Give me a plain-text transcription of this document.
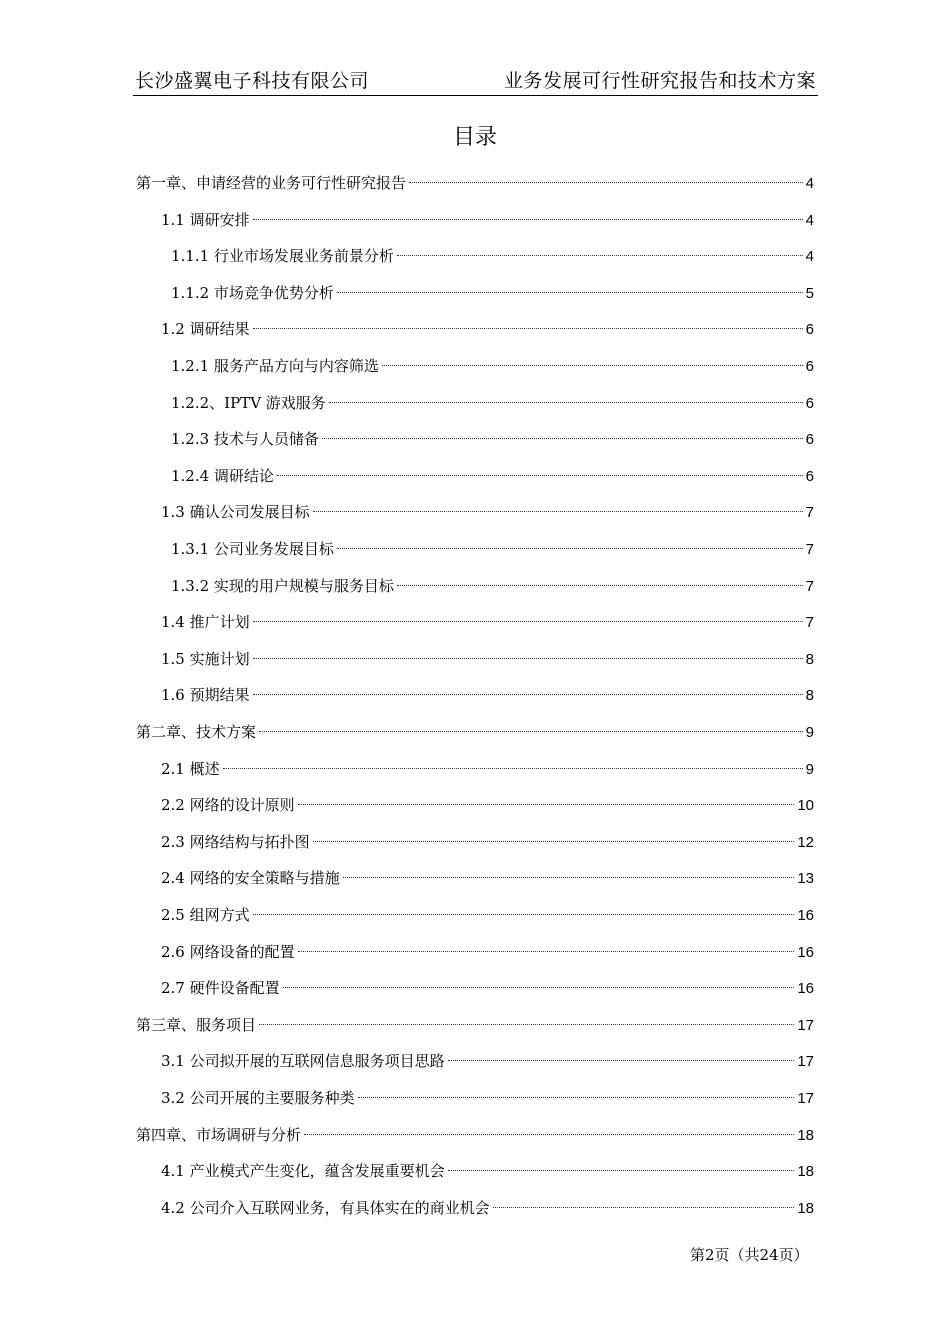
长沙盛翼电子科技有限公司	业务发展可行性研究报告和技术方案
目录
第一章、申请经营的业务可行性研究报告	4
1.1 调研安排	4
1.1.1 行业市场发展业务前景分析	4
1.1.2 市场竞争优势分析	5
1.2 调研结果	6
1.2.1 服务产品方向与内容筛选	6
1.2.2、IPTV 游戏服务	6
1.2.3 技术与人员储备	6
1.2.4 调研结论	6
1.3 确认公司发展目标	7
1.3.1 公司业务发展目标	7
1.3.2 实现的用户规模与服务目标	7
1.4 推广计划	7
1.5 实施计划	8
1.6 预期结果	8
第二章、技术方案	9
2.1 概述	9
2.2 网络的设计原则	10
2.3 网络结构与拓扑图	12
2.4 网络的安全策略与措施	13
2.5 组网方式	16
2.6 网络设备的配置	16
2.7 硬件设备配置	16
第三章、服务项目	17
3.1 公司拟开展的互联网信息服务项目思路	17
3.2 公司开展的主要服务种类	17
第四章、市场调研与分析	18
4.1 产业模式产生变化，蕴含发展重要机会	18
4.2 公司介入互联网业务，有具体实在的商业机会	18
第2页（共24页）
